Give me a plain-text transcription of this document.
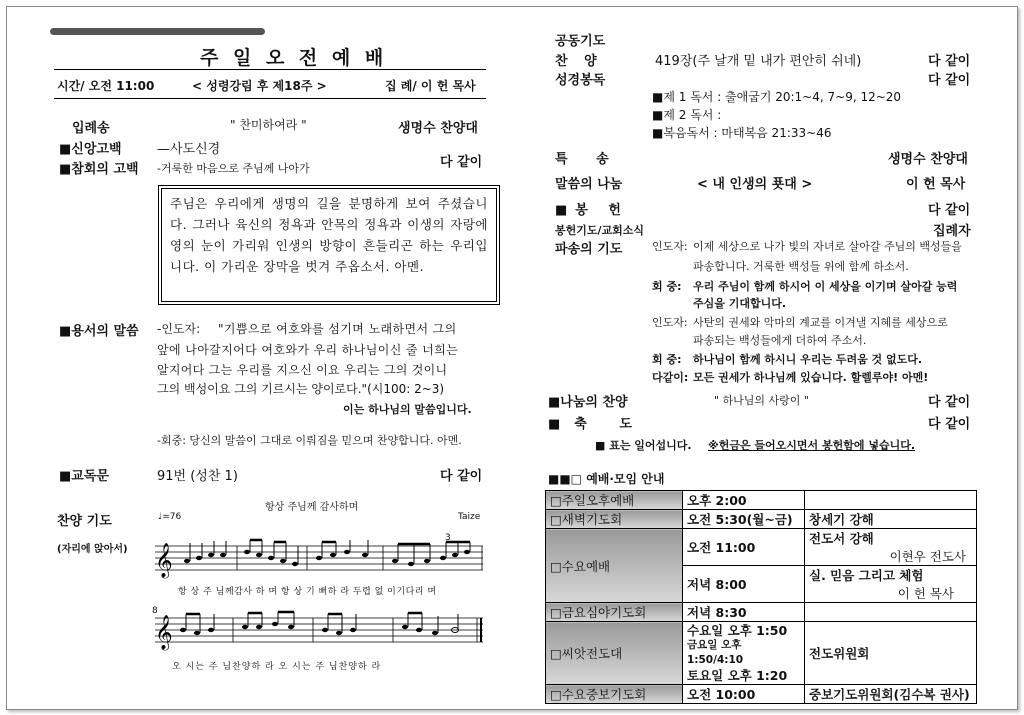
주 일 오 전 예 배
시간/ 오전 11:00	< 성령강림 후 제18주 >	집 례/ 이 헌 목사
입례송	" 찬미하여라 "	생명수 찬양대
■신앙고백	—사도신경
■참회의 고백 -거룩한 마음으로 주님께 나아가	다 같이
주님은 우리에게 생명의 길을 분명하게 보여 주셨습니다. 그러나 육신의 정욕과 안목의 정욕과 이생의 자랑에 영의 눈이 가리워 인생의 방향이 흔들리곤 하는 우리입니다. 이 가리운 장막을 벗겨 주옵소서. 아멘.
■용서의 말씀 -인도자: "기쁨으로 여호와를 섬기며 노래하면서 그의
앞에 나아갈지어다 여호와가 우리 하나님이신 줄 너희는
알지어다 그는 우리를 지으신 이요 우리는 그의 것이니
그의 백성이요 그의 기르시는 양이로다."(시100: 2~3)
이는 하나님의 말씀입니다.
-회중: 당신의 말씀이 그대로 이뤄짐을 믿으며 찬양합니다. 아멘.
■교독문	91번 (성찬 1)	다 같이
찬양 기도
(자리에 앉아서)
항상 주님께 감사하며
♩=76	Taize
8
3
𝄞
항 상 주 님께감사 하 며 항 상 기 뻐하 라 두렵 없 이기다리 며
𝄞
오 시는 주 님찬양하 라 오 시는 주 님찬양하 라
공동기도
찬 양	419장(주 날개 밑 내가 편안히 쉬네)	다 같이
성경봉독	다 같이
■제 1 독서 : 출애굽기 20:1~4, 7~9, 12~20
■제 2 독서 :
■복음독서 : 마태복음 21:33~46
특 송	생명수 찬양대
말씀의 나눔	< 내 인생의 푯대 >	이 헌 목사
■봉 헌	다 같이
봉헌기도/교회소식	집례자
파송의 기도	인도자: 이제 세상으로 나가 빛의 자녀로 살아갈 주님의 백성들을
파송합니다. 거룩한 백성들 위에 함께 하소서.
회 중: 우리 주님이 함께 하시어 이 세상을 이기며 살아갈 능력
주심을 기대합니다.
인도자: 사탄의 권세와 악마의 계교를 이겨낼 지혜를 세상으로
파송되는 백성들에게 더하여 주소서.
회 중: 하나님이 함께 하시니 우리는 두려움 것 없도다.
다같이: 모든 권세가 하나님께 있습니다. 할렐루야! 아멘!
■나눔의 찬양	" 하나님의 사랑이 "	다 같이
■축 도	다 같이
■ 표는 일어섭니다. ※헌금은 들어오시면서 봉헌함에 넣습니다.
■■□ 예배·모임 안내
□주일오후예배	오후 2:00	
□새벽기도회	오전 5:30(월~금)	창세기 강해
□수요예배	오전 11:00	전도서 강해
이현우 전도사

	저녁 8:00	실. 믿음 그리고 체험
이 헌 목사

□금요심야기도회	저녁 8:30	
□씨앗전도대	수요일 오후 1:50
금요일 오후 1:50/4:10
토요일 오후 1:20	전도위원회
□수요중보기도회	오전 10:00	중보기도위원회(김수복 권사)
